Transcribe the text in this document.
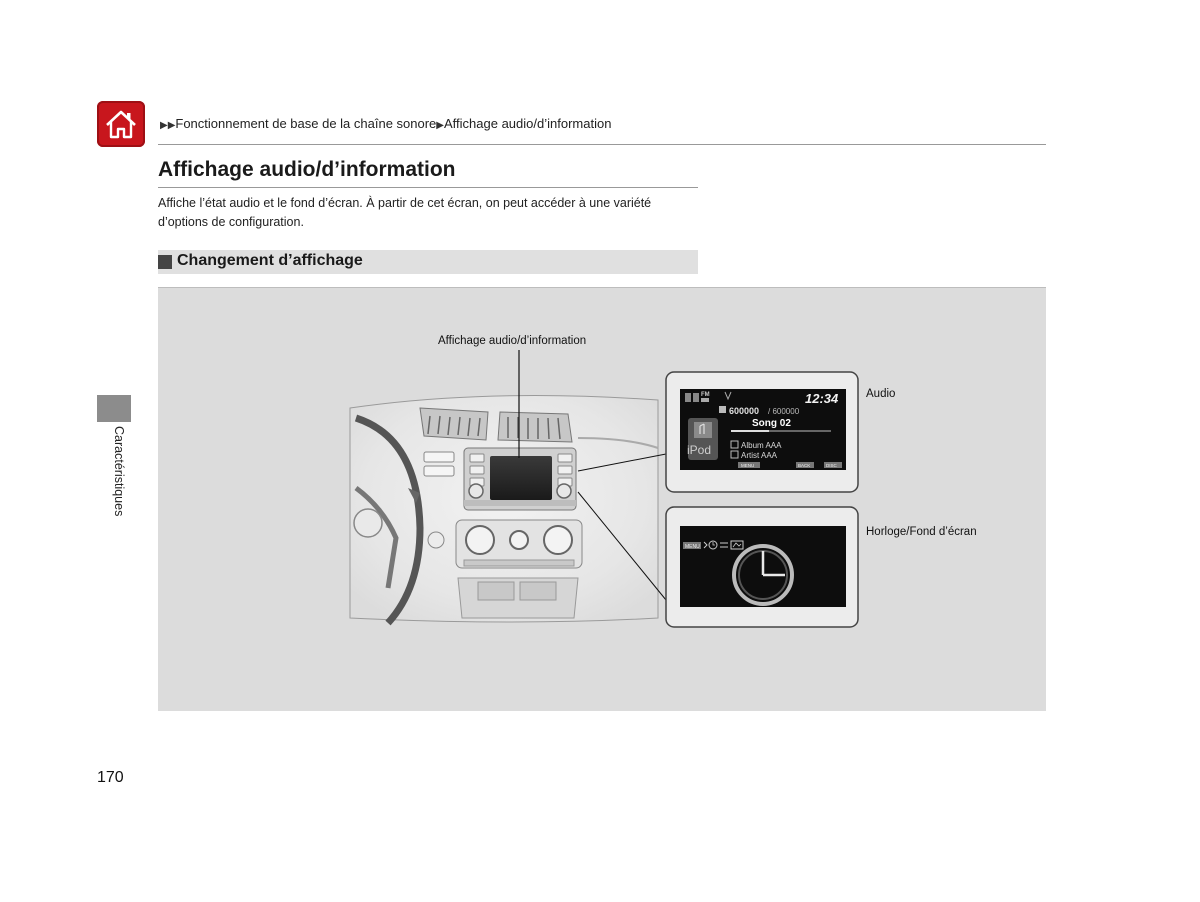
▶▶Fonctionnement de base de la chaîne sonore▶Affichage audio/d’information
Affichage audio/d’information
Affiche l’état audio et le fond d’écran. À partir de cet écran, on peut accéder à une variété d’options de configuration.
Changement d’affichage
Caractéristiques
FM	12:34
600000 / 600000
Song 02
iPod	Album AAA
Artist AAA
MENU	BACK	DISC
MENU
Affichage audio/d’information
Audio
Horloge/Fond d’écran
170
